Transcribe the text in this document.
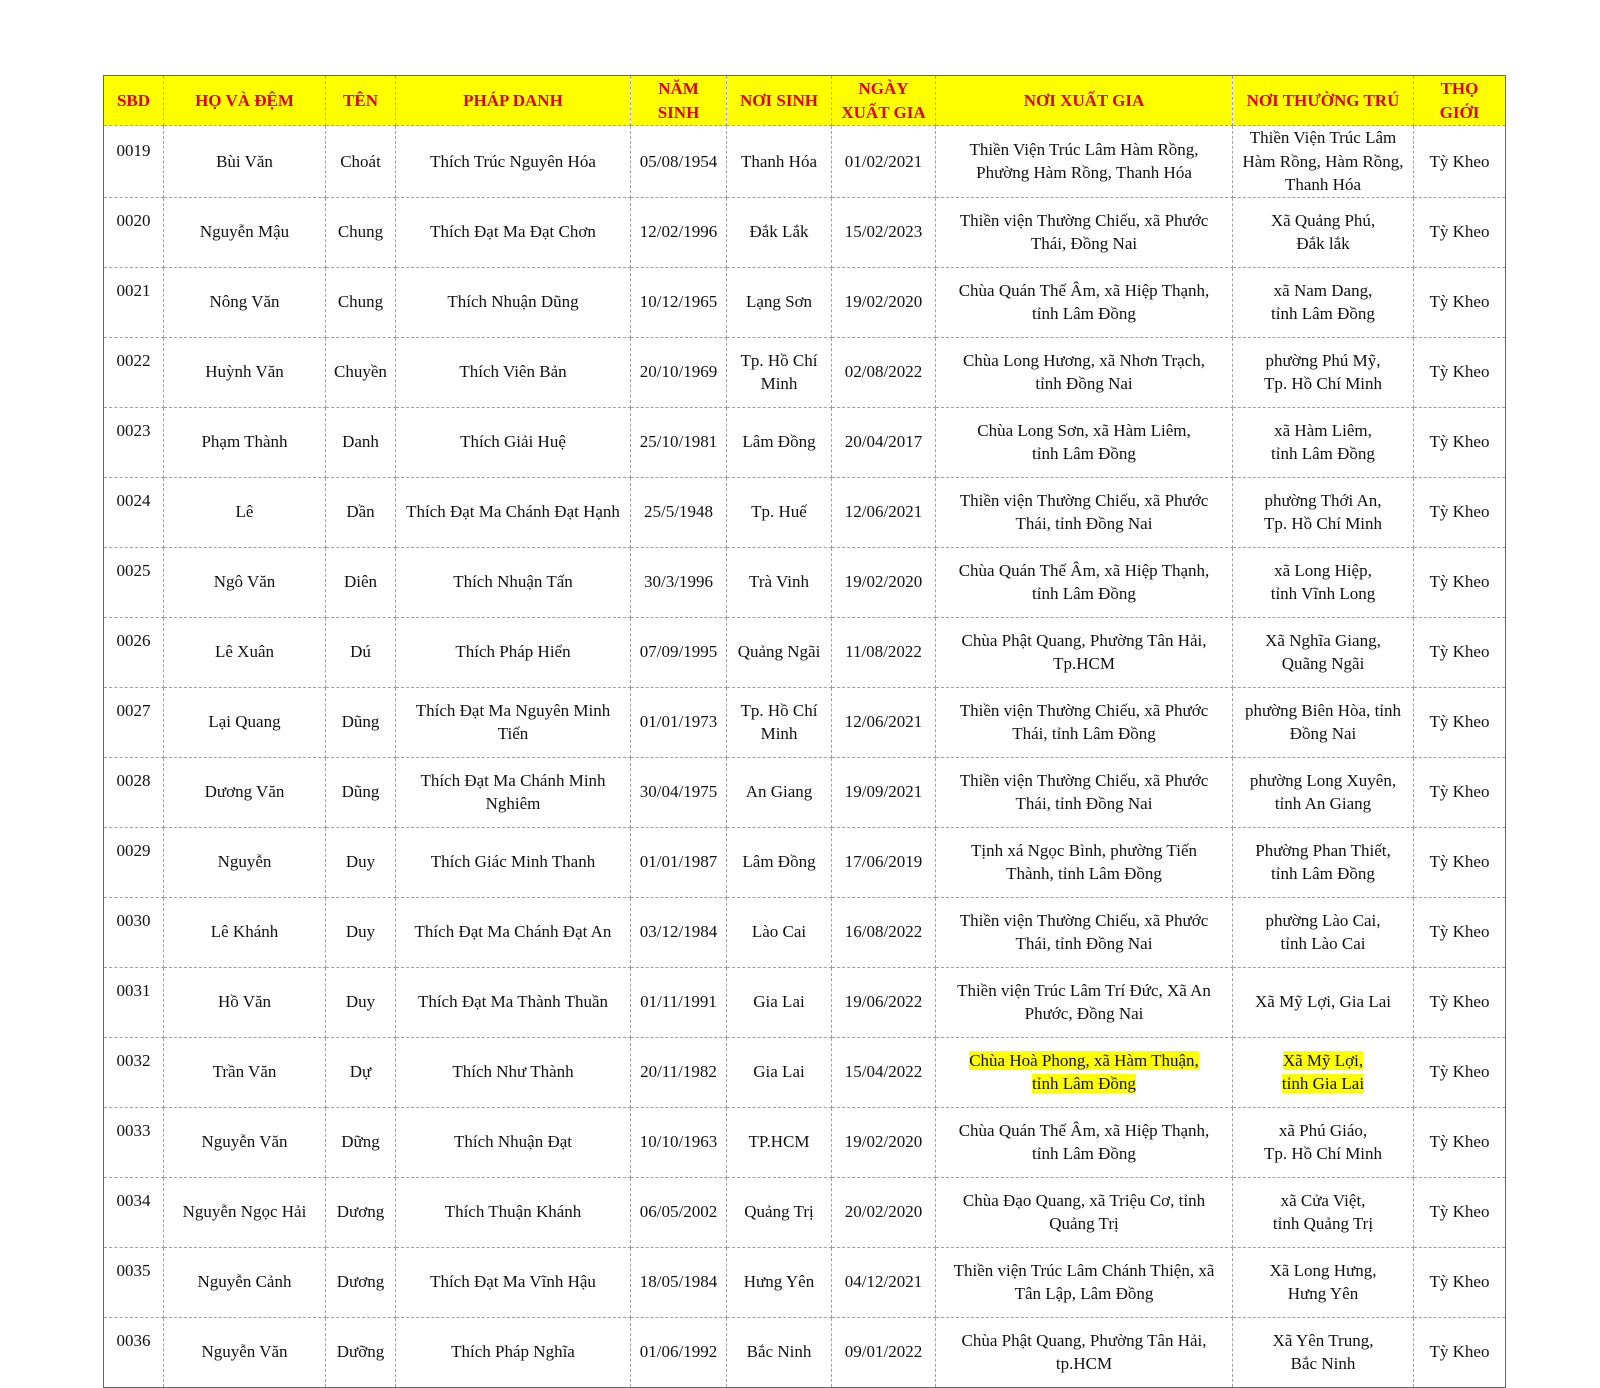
SBD	HỌ VÀ ĐỆM	TÊN	PHÁP DANH	NĂM SINH	NƠI SINH	NGÀY XUẤT GIA	NƠI XUẤT GIA	NƠI THƯỜNG TRÚ	THỌ GIỚI
0019	Bùi Văn	Choát	Thích Trúc Nguyên Hóa	05/08/1954	Thanh Hóa	01/02/2021	Thiền Viện Trúc Lâm Hàm Rồng,
Phường Hàm Rồng, Thanh Hóa	Thiền Viện Trúc Lâm
Hàm Rồng, Hàm Rồng,
Thanh Hóa	Tỳ Kheo
0020	Nguyễn Mậu	Chung	Thích Đạt Ma Đạt Chơn	12/02/1996	Đắk Lắk	15/02/2023	Thiền viện Thường Chiếu, xã Phước
Thái, Đồng Nai	Xã Quảng Phú,
Đắk lắk	Tỳ Kheo
0021	Nông Văn	Chung	Thích Nhuận Dũng	10/12/1965	Lạng Sơn	19/02/2020	Chùa Quán Thế Âm, xã Hiệp Thạnh,
tỉnh Lâm Đồng	xã Nam Dang,
tỉnh Lâm Đồng	Tỳ Kheo
0022	Huỳnh Văn	Chuyền	Thích Viên Bản	20/10/1969	Tp. Hồ Chí
Minh	02/08/2022	Chùa Long Hương, xã Nhơn Trạch,
tỉnh Đồng Nai	phường Phú Mỹ,
Tp. Hồ Chí Minh	Tỳ Kheo
0023	Phạm Thành	Danh	Thích Giải Huệ	25/10/1981	Lâm Đồng	20/04/2017	Chùa Long Sơn, xã Hàm Liêm,
tỉnh Lâm Đồng	xã Hàm Liêm,
tỉnh Lâm Đồng	Tỳ Kheo
0024	Lê	Dần	Thích Đạt Ma Chánh Đạt Hạnh	25/5/1948	Tp. Huế	12/06/2021	Thiền viện Thường Chiếu, xã Phước
Thái, tỉnh Đồng Nai	phường Thới An,
Tp. Hồ Chí Minh	Tỳ Kheo
0025	Ngô Văn	Diên	Thích Nhuận Tấn	30/3/1996	Trà Vinh	19/02/2020	Chùa Quán Thế Âm, xã Hiệp Thạnh,
tỉnh Lâm Đồng	xã Long Hiệp,
tỉnh Vĩnh Long	Tỳ Kheo
0026	Lê Xuân	Dú	Thích Pháp Hiển	07/09/1995	Quảng Ngãi	11/08/2022	Chùa Phật Quang, Phường Tân Hải,
Tp.HCM	Xã Nghĩa Giang,
Quãng Ngãi	Tỳ Kheo
0027	Lại Quang	Dũng	Thích Đạt Ma Nguyên Minh
Tiến	01/01/1973	Tp. Hồ Chí
Minh	12/06/2021	Thiền viện Thường Chiếu, xã Phước
Thái, tỉnh Lâm Đồng	phường Biên Hòa, tỉnh
Đồng Nai	Tỳ Kheo
0028	Dương Văn	Dũng	Thích Đạt Ma Chánh Minh
Nghiêm	30/04/1975	An Giang	19/09/2021	Thiền viện Thường Chiếu, xã Phước
Thái, tỉnh Đồng Nai	phường Long Xuyên,
tỉnh An Giang	Tỳ Kheo
0029	Nguyễn	Duy	Thích Giác Minh Thanh	01/01/1987	Lâm Đồng	17/06/2019	Tịnh xá Ngọc Bình, phường Tiến
Thành, tỉnh Lâm Đồng	Phường Phan Thiết,
tỉnh Lâm Đồng	Tỳ Kheo
0030	Lê Khánh	Duy	Thích Đạt Ma Chánh Đạt An	03/12/1984	Lào Cai	16/08/2022	Thiền viện Thường Chiếu, xã Phước
Thái, tỉnh Đồng Nai	phường Lào Cai,
tỉnh Lào Cai	Tỳ Kheo
0031	Hồ Văn	Duy	Thích Đạt Ma Thành Thuần	01/11/1991	Gia Lai	19/06/2022	Thiền viện Trúc Lâm Trí Đức, Xã An
Phước, Đồng Nai	Xã Mỹ Lợi, Gia Lai	Tỳ Kheo
0032	Trần Văn	Dự	Thích Như Thành	20/11/1982	Gia Lai	15/04/2022	Chùa Hoà Phong, xã Hàm Thuận,
tỉnh Lâm Đồng	Xã Mỹ Lợi,
tỉnh Gia Lai	Tỳ Kheo
0033	Nguyễn Văn	Dững	Thích Nhuận Đạt	10/10/1963	TP.HCM	19/02/2020	Chùa Quán Thế Âm, xã Hiệp Thạnh,
tỉnh Lâm Đồng	xã Phú Giáo,
Tp. Hồ Chí Minh	Tỳ Kheo
0034	Nguyễn Ngọc Hải	Dương	Thích Thuận Khánh	06/05/2002	Quảng Trị	20/02/2020	Chùa Đạo Quang, xã Triệu Cơ, tỉnh
Quảng Trị	xã Cửa Việt,
tỉnh Quảng Trị	Tỳ Kheo
0035	Nguyễn Cảnh	Dương	Thích Đạt Ma Vĩnh Hậu	18/05/1984	Hưng Yên	04/12/2021	Thiền viện Trúc Lâm Chánh Thiện, xã
Tân Lập, Lâm Đồng	Xã Long Hưng,
Hưng Yên	Tỳ Kheo
0036	Nguyễn Văn	Dưỡng	Thích Pháp Nghĩa	01/06/1992	Bắc Ninh	09/01/2022	Chùa Phật Quang, Phường Tân Hải,
tp.HCM	Xã Yên Trung,
Bắc Ninh	Tỳ Kheo
